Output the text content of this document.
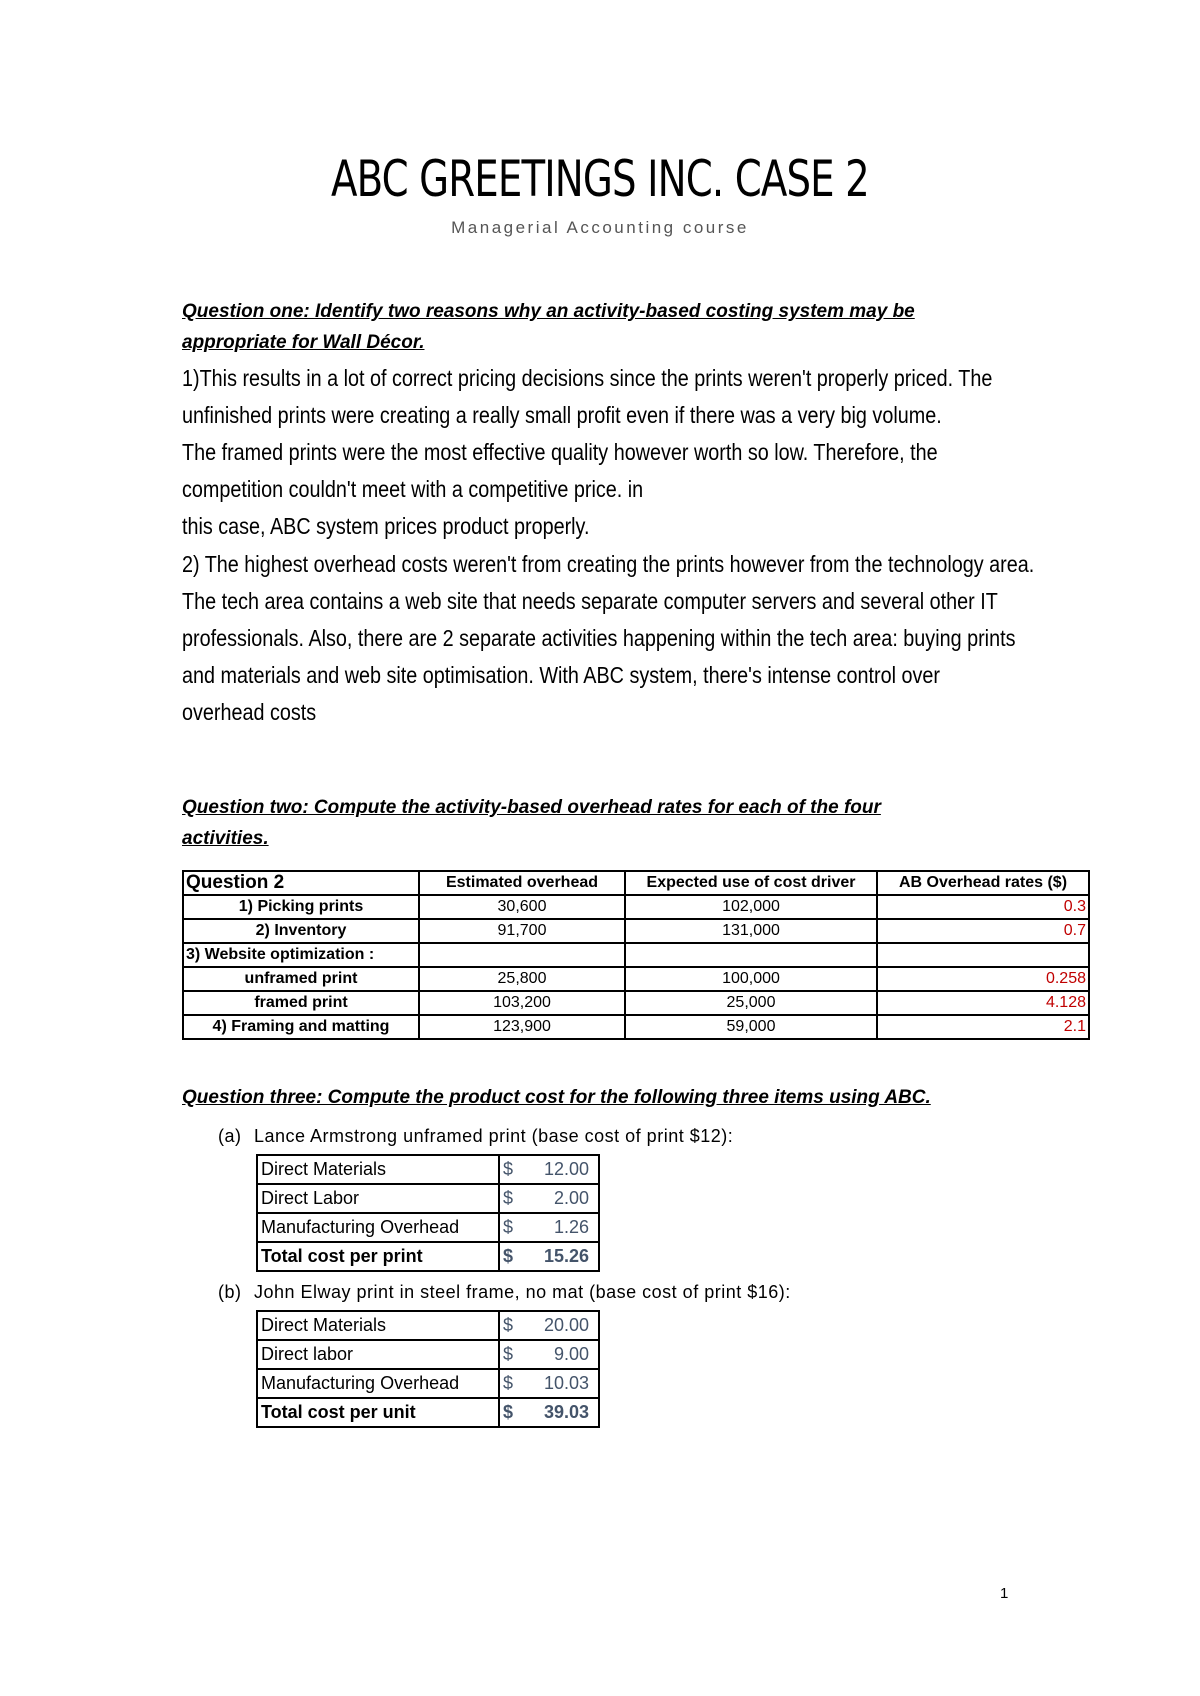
ABC GREETINGS INC. CASE 2
Managerial Accounting course
Question one: Identify two reasons why an activity-based costing system may be
appropriate for Wall Décor.

1)This results in a lot of correct pricing decisions since the prints weren't properly priced. The

unfinished prints were creating a really small profit even if there was a very big volume.

The framed prints were the most effective quality however worth so low. Therefore, the

competition couldn't meet with a competitive price. in

this case, ABC system prices product properly.

2) The highest overhead costs weren't from creating the prints however from the technology area.

The tech area contains a web site that needs separate computer servers and several other IT

professionals. Also, there are 2 separate activities happening within the tech area: buying prints

and materials and web site optimisation. With ABC system, there's intense control over

overhead costs

Question two: Compute the activity-based overhead rates for each of the four
activities.
Question 2	Estimated overhead	Expected use of cost driver	AB Overhead rates ($)
1) Picking prints	30,600	102,000	0.3
2) Inventory	91,700	131,000	0.7
3) Website optimization :			
unframed print	25,800	100,000	0.258
framed print	103,200	25,000	4.128
4) Framing and matting	123,900	59,000	2.1
Question three: Compute the product cost for the following three items using ABC.
(a) Lance Armstrong unframed print (base cost of print $12):
Direct Materials	$ 12.00

Direct Labor	$ 2.00

Manufacturing Overhead	$ 1.26

Total cost per print	$ 15.26
(b) John Elway print in steel frame, no mat (base cost of print $16):
Direct Materials	$ 20.00

Direct labor	$ 9.00

Manufacturing Overhead	$ 10.03

Total cost per unit	$ 39.03
1
